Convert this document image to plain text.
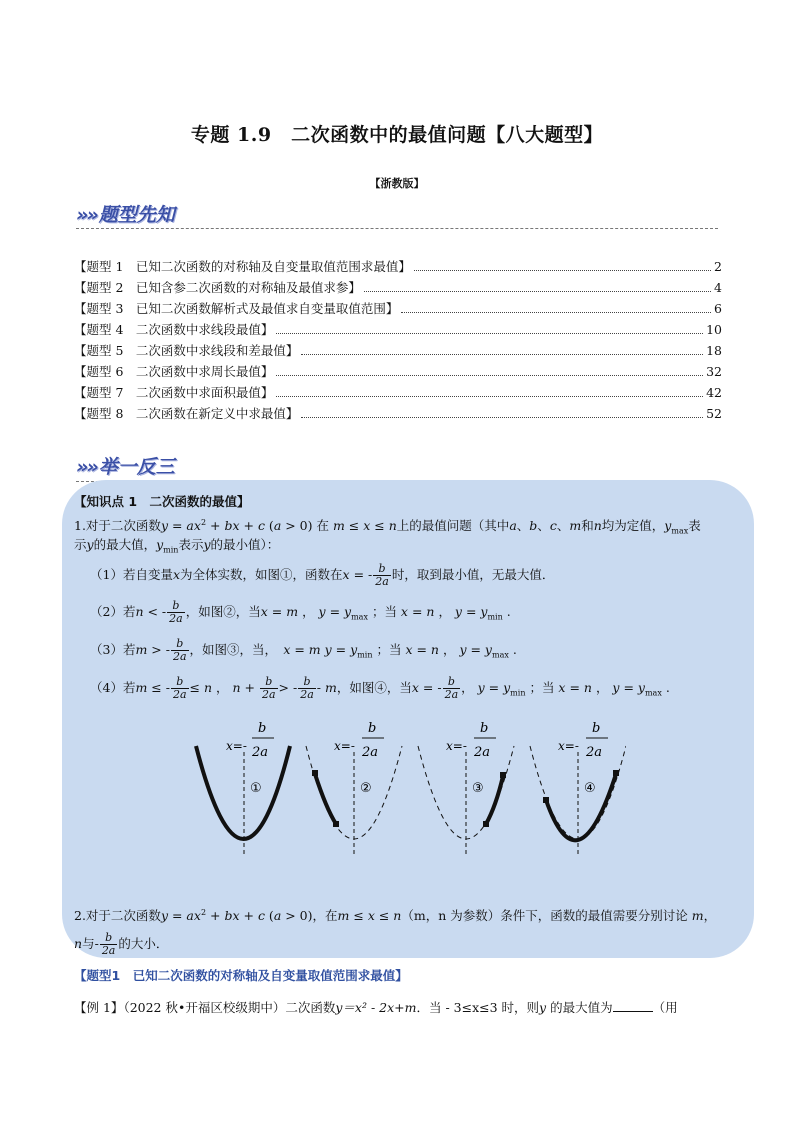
专题 1.9　二次函数中的最值问题【八大题型】
【浙教版】
»» 题型先知
【题型 1　已知二次函数的对称轴及自变量取值范围求最值】	2
【题型 2　已知含参二次函数的对称轴及最值求参】	4
【题型 3　已知二次函数解析式及最值求自变量取值范围】	6
【题型 4　二次函数中求线段最值】	10
【题型 5　二次函数中求线段和差最值】	18
【题型 6　二次函数中求周长最值】	32
【题型 7　二次函数中求面积最值】	42
【题型 8　二次函数在新定义中求最值】	52
»» 举一反三
【知识点 1　二次函数的最值】
1.对于二次函数$y = ax^2$ + bx + c (a > 0) 在 m ≤ x ≤ n上的最值问题（其中a、b、c、m和n均为定值，$y_{max}$表
示y的最大值，$y_{min}$表示y的最小值）：
（1）若自变量x为全体实数，如图①，函数在x = - $\frac{b}{2a}$ 时，取到最小值，无最大值．
（2）若n < - $\frac{b}{2a}$ ，如图②，当x = m ， $y = y_{max}$ ；当 x = n ， $y = y_{min}$ .
（3）若m > - $\frac{b}{2a}$ ，如图③，当，　 x = m $y = y_{min}$ ；当 x = n ， $y = y_{max}$ .
（4）若m ≤ - $\frac{b}{2a} \le n$ ， $n + \frac{b}{2a}$ > - $\frac{b}{2a}$ - m，如图④，当x = - $\frac{b}{2a}$ ， $y = y_{min}$ ；当 x = n ， $y = y_{max}$ .
x=-
b
2a
①
x=-
b
2a
②
x=-
b
2a
③
x=-
b
2a
④
2.对于二次函数$y = ax^2$ + bx + c (a > 0)，在m ≤ x ≤ n（m，n 为参数）条件下，函数的最值需要分别讨论 m，
n与- $\frac{b}{2a}$ 的大小．
【题型1　已知二次函数的对称轴及自变量取值范围求最值】
【例 1】（2022 秋•开福区校级期中）二次函数y＝x² - 2x+m．当 - 3≤x≤3 时，则y 的最大值为	（用
